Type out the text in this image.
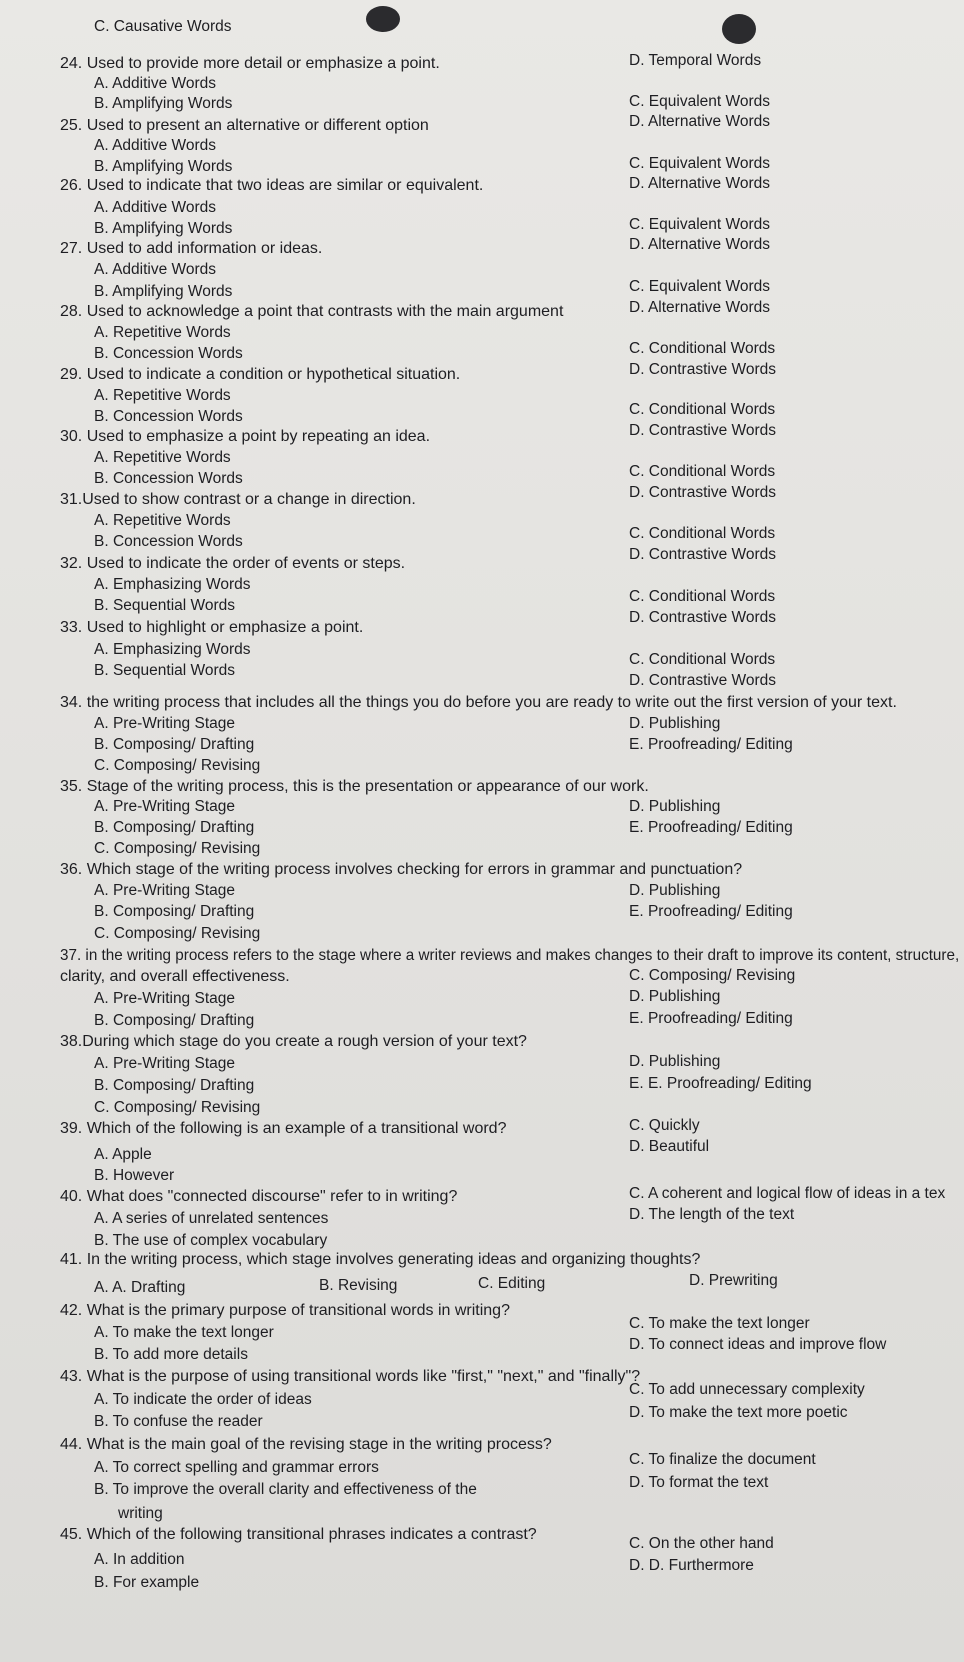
C. Causative Words
D. Temporal Words
24. Used to provide more detail or emphasize a point.
A. Additive Words
C. Equivalent Words
B. Amplifying Words
D. Alternative Words
25. Used to present an alternative or different option
A. Additive Words
C. Equivalent Words
B. Amplifying Words
D. Alternative Words
26. Used to indicate that two ideas are similar or equivalent.
A. Additive Words
C. Equivalent Words
B. Amplifying Words
D. Alternative Words
27. Used to add information or ideas.
A. Additive Words
C. Equivalent Words
B. Amplifying Words
D. Alternative Words
28. Used to acknowledge a point that contrasts with the main argument
A. Repetitive Words
C. Conditional Words
B. Concession Words
D. Contrastive Words
29. Used to indicate a condition or hypothetical situation.
A. Repetitive Words
C. Conditional Words
B. Concession Words
D. Contrastive Words
30. Used to emphasize a point by repeating an idea.
A. Repetitive Words
C. Conditional Words
B. Concession Words
D. Contrastive Words
31.Used to show contrast or a change in direction.
A. Repetitive Words
C. Conditional Words
B. Concession Words
D. Contrastive Words
32. Used to indicate the order of events or steps.
A. Emphasizing Words
C. Conditional Words
B. Sequential Words
D. Contrastive Words
33. Used to highlight or emphasize a point.
A. Emphasizing Words
C. Conditional Words
B. Sequential Words
D. Contrastive Words
34. the writing process that includes all the things you do before you are ready to write out the first version of your text.
A. Pre-Writing Stage	D. Publishing
B. Composing/ Drafting	E. Proofreading/ Editing
C. Composing/ Revising
35. Stage of the writing process, this is the presentation or appearance of our work.
A. Pre-Writing Stage	D. Publishing
B. Composing/ Drafting	E. Proofreading/ Editing
C. Composing/ Revising
36. Which stage of the writing process involves checking for errors in grammar and punctuation?
A. Pre-Writing Stage	D. Publishing
B. Composing/ Drafting	E. Proofreading/ Editing
C. Composing/ Revising
37. in the writing process refers to the stage where a writer reviews and makes changes to their draft to improve its content, structure,
clarity, and overall effectiveness.	C. Composing/ Revising
A. Pre-Writing Stage	D. Publishing
B. Composing/ Drafting	E. Proofreading/ Editing
38.During which stage do you create a rough version of your text?
A. Pre-Writing Stage	D. Publishing
B. Composing/ Drafting	E. E. Proofreading/ Editing
C. Composing/ Revising
39. Which of the following is an example of a transitional word?	C. Quickly
D. Beautiful
A. Apple
B. However
40. What does "connected discourse" refer to in writing?	C. A coherent and logical flow of ideas in a tex
A. A series of unrelated sentences	D. The length of the text
B. The use of complex vocabulary
41. In the writing process, which stage involves generating ideas and organizing thoughts?
A. A. Drafting	B. Revising	C. Editing	D. Prewriting
42. What is the primary purpose of transitional words in writing?
C. To make the text longer
A. To make the text longer
D. To connect ideas and improve flow
B. To add more details
43. What is the purpose of using transitional words like "first," "next," and "finally"?
C. To add unnecessary complexity
A. To indicate the order of ideas
D. To make the text more poetic
B. To confuse the reader
44. What is the main goal of the revising stage in the writing process?
C. To finalize the document
A. To correct spelling and grammar errors
D. To format the text
B. To improve the overall clarity and effectiveness of the
writing
45. Which of the following transitional phrases indicates a contrast?
C. On the other hand
A. In addition	D. D. Furthermore
B. For example
